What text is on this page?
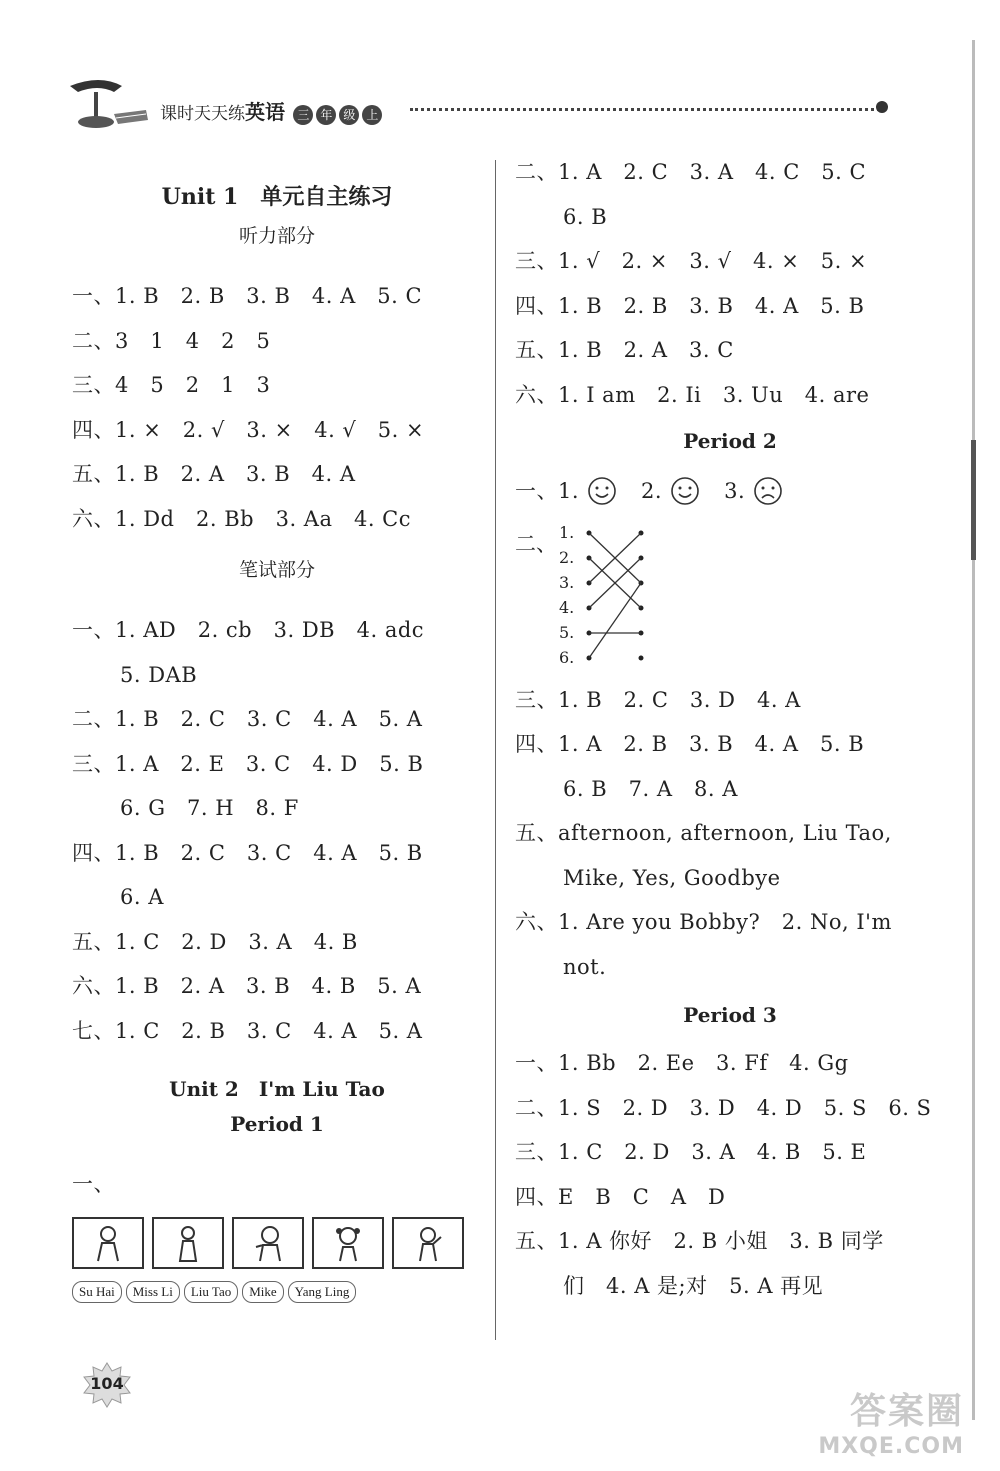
课时天天练英语 三 年 级 上
Unit 1　单元自主练习
听力部分
一、1. B　2. B　3. B　4. A　5. C
二、3　1　4　2　5
三、4　5　2　1　3
四、1. ×　2. √　3. ×　4. √　5. ×
五、1. B　2. A　3. B　4. A
六、1. Dd　2. Bb　3. Aa　4. Cc
笔试部分
一、1. AD　2. cb　3. DB　4. adc
5. DAB
二、1. B　2. C　3. C　4. A　5. A
三、1. A　2. E　3. C　4. D　5. B
6. G　7. H　8. F
四、1. B　2. C　3. C　4. A　5. B
6. A
五、1. C　2. D　3. A　4. B
六、1. B　2. A　3. B　4. B　5. A
七、1. C　2. B　3. C　4. A　5. A
Unit 2　I'm Liu Tao
Period 1
一、
Su Hai	Miss Li	Liu Tao	Mike	Yang Ling
二、1. A　2. C　3. A　4. C　5. C
6. B
三、1. √　2. ×　3. √　4. ×　5. ×
四、1. B　2. B　3. B　4. A　5. B
五、1. B　2. A　3. C
六、1. I am　2. Ii　3. Uu　4. are
Period 2
一、1.	2.	3.
二、 1.
2.
3.
4.
5.
6.
三、1. B　2. C　3. D　4. A
四、1. A　2. B　3. B　4. A　5. B
6. B　7. A　8. A
五、afternoon, afternoon, Liu Tao,
Mike, Yes, Goodbye
六、1. Are you Bobby?　2. No, I'm
not.
Period 3
一、1. Bb　2. Ee　3. Ff　4. Gg
二、1. S　2. D　3. D　4. D　5. S　6. S
三、1. C　2. D　3. A　4. B　5. E
四、E　B　C　A　D
五、1. A 你好　2. B 小姐　3. B 同学
们　4. A 是;对　5. A 再见
104
答案圈
MXQE.COM
